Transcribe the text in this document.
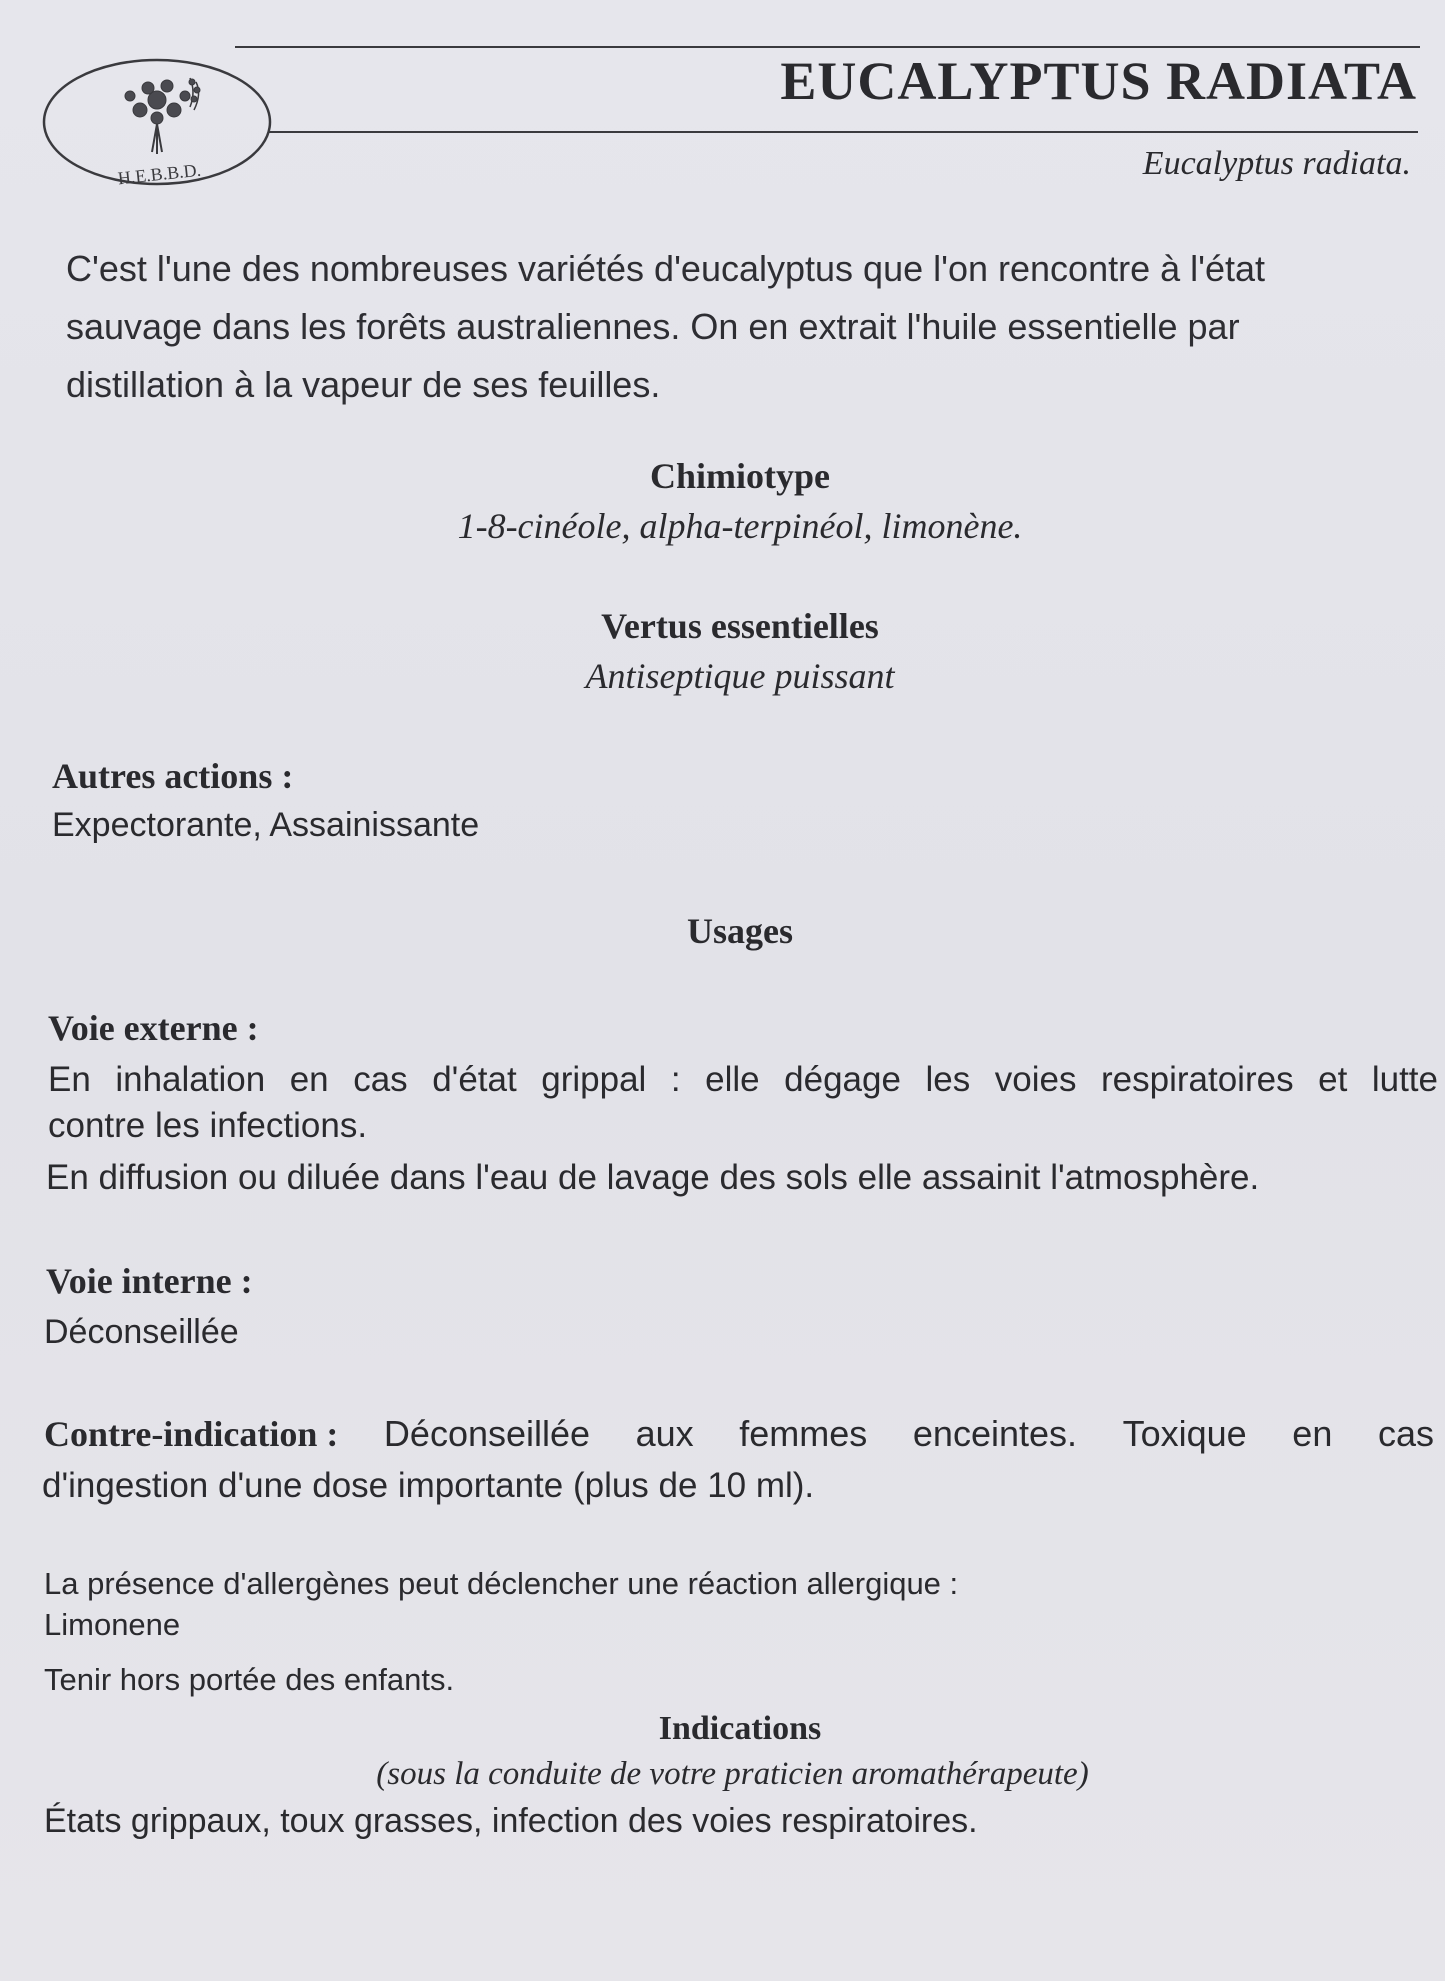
H.E.B.B.D.
EUCALYPTUS RADIATA
Eucalyptus radiata.
C'est l'une des nombreuses variétés d'eucalyptus que l'on rencontre à l'état
sauvage dans les forêts australiennes. On en extrait l'huile essentielle par
distillation à la vapeur de ses feuilles.
Chimiotype
1-8-cinéole, alpha-terpinéol, limonène.
Vertus essentielles
Antiseptique puissant
Autres actions :
Expectorante, Assainissante
Usages
Voie externe :
En inhalation en cas d'état grippal : elle dégage les voies respiratoires et lutte
contre les infections.
En diffusion ou diluée dans l'eau de lavage des sols elle assainit l'atmosphère.
Voie interne :
Déconseillée
Contre-indication : Déconseillée aux femmes enceintes. Toxique en cas
d'ingestion d'une dose importante (plus de 10 ml).
La présence d'allergènes peut déclencher une réaction allergique :
Limonene
Tenir hors portée des enfants.
Indications
(sous la conduite de votre praticien aromathérapeute)
États grippaux, toux grasses, infection des voies respiratoires.
